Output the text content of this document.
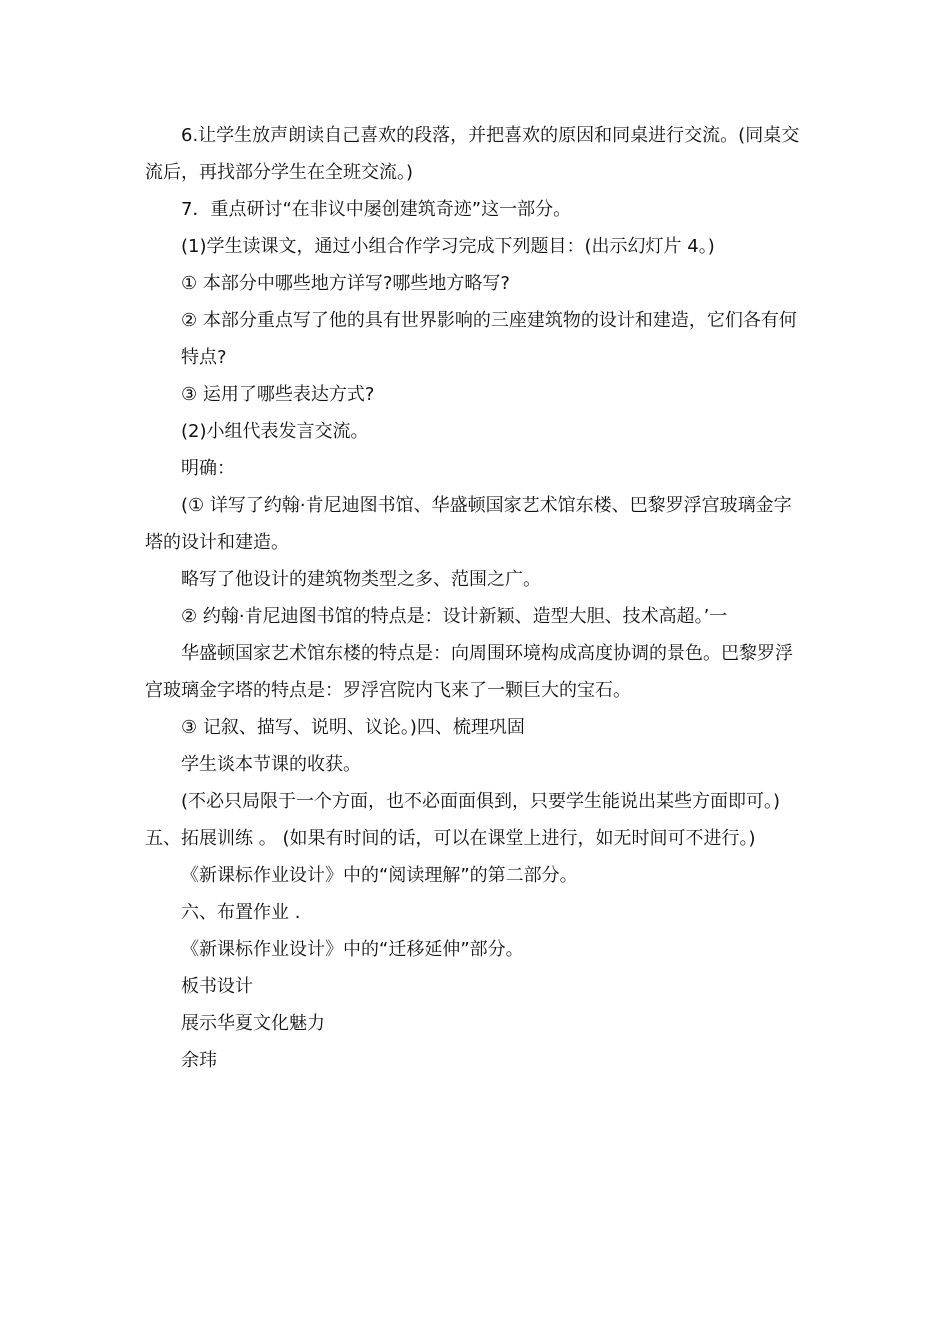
6.让学生放声朗读自己喜欢的段落，并把喜欢的原因和同桌进行交流。(同桌交流后，再找部分学生在全班交流。)

7．重点研讨“在非议中屡创建筑奇迹”这一部分。

(1)学生读课文，通过小组合作学习完成下列题目：(出示幻灯片 4。)

① 本部分中哪些地方详写?哪些地方略写?

② 本部分重点写了他的具有世界影响的三座建筑物的设计和建造，它们各有何

特点?

③ 运用了哪些表达方式?

(2)小组代表发言交流。

明确：

(① 详写了约翰·肯尼迪图书馆、华盛顿国家艺术馆东楼、巴黎罗浮宫玻璃金字塔的设计和建造。

略写了他设计的建筑物类型之多、范围之广。

② 约翰·肯尼迪图书馆的特点是：设计新颖、造型大胆、技术高超。’一

华盛顿国家艺术馆东楼的特点是：向周围环境构成高度协调的景色。巴黎罗浮宫玻璃金字塔的特点是：罗浮宫院内飞来了一颗巨大的宝石。

③ 记叙、描写、说明、议论。)四、梳理巩固

学生谈本节课的收获。

(不必只局限于一个方面，也不必面面俱到，只要学生能说出某些方面即可。)五、拓展训练 。 (如果有时间的话，可以在课堂上进行，如无时间可不进行。)

《新课标作业设计》中的“阅读理解”的第二部分。

六、布置作业 .

《新课标作业设计》中的“迁移延伸”部分。

板书设计

展示华夏文化魅力

余玮
